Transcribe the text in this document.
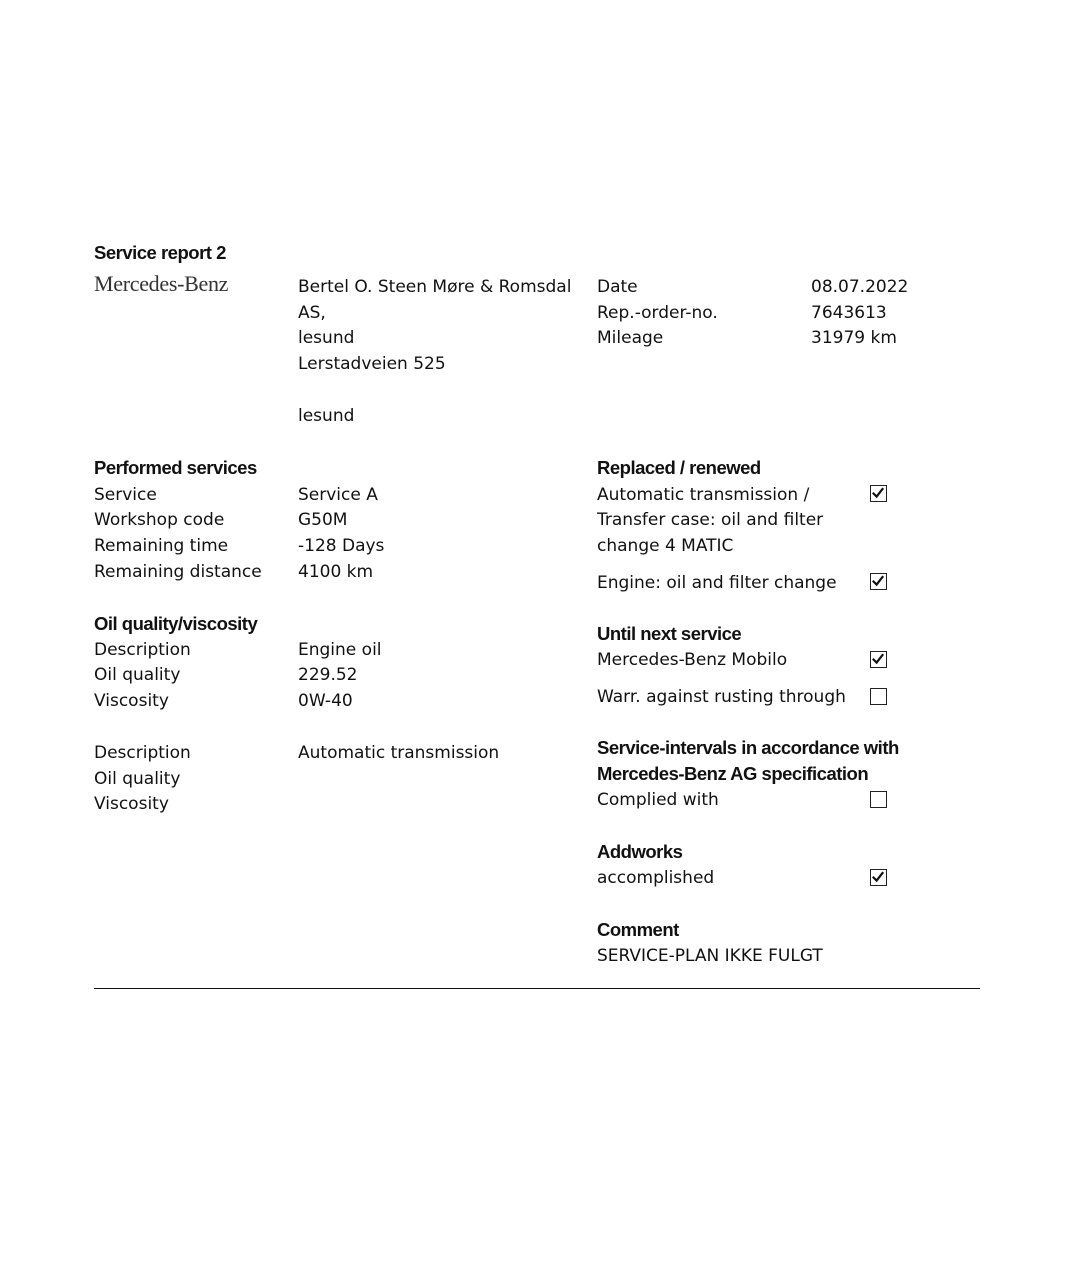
Service report 2
Mercedes-Benz	Bertel O. Steen Møre & Romsdal
AS,
lesund
Lerstadveien 525
lesund
Date	08.07.2022
Rep.-order-no.	7643613
Mileage	31979 km
Performed services
Service	Service A
Workshop code	G50M
Remaining time	-128 Days
Remaining distance 4100 km
Oil quality/viscosity
Description	Engine oil
Oil quality	229.52
Viscosity	0W-40
Description	Automatic transmission
Oil quality
Viscosity
Replaced / renewed
Automatic transmission /
Transfer case: oil and filter
change 4 MATIC
Engine: oil and filter change
Until next service
Mercedes-Benz Mobilo
Warr. against rusting through
Service-intervals in accordance with
Mercedes-Benz AG specification
Complied with
Addworks
accomplished
Comment
SERVICE-PLAN IKKE FULGT
